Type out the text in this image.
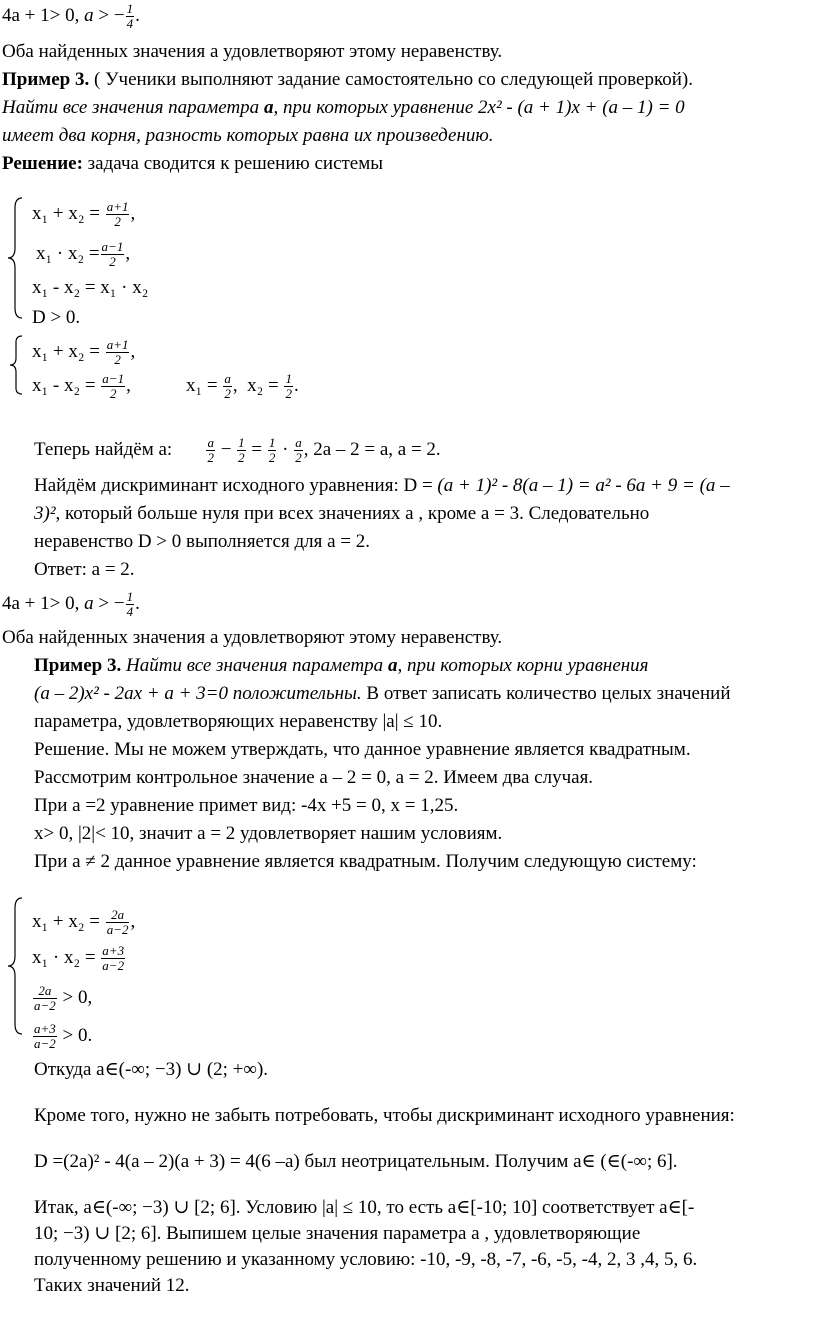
4a + 1> 0, a > − $\frac{1}{4}$ .
Оба найденных значения а удовлетворяют этому неравенству.
Пример 3. ( Ученики выполняют задание самостоятельно со следующей проверкой).
Найти все значения параметра а, при которых уравнение 2x² - (a + 1)x + (a – 1) = 0
имеет два корня, разность которых равна их произведению.
Решение: задача сводится к решению системы
$x_1 + x_2 = \frac{a+1}{2}$ ,
$x_1 \cdot x_2 = \frac{a-1}{2}$ ,
x₁ - x₂ = x₁ · x₂
D > 0.
$x_1 + x_2 = \frac{a+1}{2}$ ,
$x_1 - x_2 = \frac{a-1}{2}$ ,	$x_1 = \frac{a}{2}$ , $x_2 = \frac{1}{2}$ .
Теперь найдём a:	$\frac{a}{2} - \frac{1}{2} = \frac{1}{2} \cdot \frac{a}{2}$ , 2a – 2 = a, a = 2.
Найдём дискриминант исходного уравнения: D = (a + 1)² - 8(a – 1) = a² - 6a + 9 = (a –
3)², который больше нуля при всех значениях а , кроме а = 3. Следовательно
неравенство D > 0 выполняется для а = 2.
Ответ: а = 2.
4a + 1> 0, a > − $\frac{1}{4}$ .
Оба найденных значения а удовлетворяют этому неравенству.
Пример 3. Найти все значения параметра а, при которых корни уравнения
(a – 2)x² - 2ax + a + 3=0 положительны. В ответ записать количество целых значений
параметра, удовлетворяющих неравенству |a| ≤ 10.
Решение. Мы не можем утверждать, что данное уравнение является квадратным.
Рассмотрим контрольное значение а – 2 = 0, а = 2. Имеем два случая.
При а =2 уравнение примет вид: -4x +5 = 0, x = 1,25.
x> 0, |2|< 10, значит а = 2 удовлетворяет нашим условиям.
При а ≠ 2 данное уравнение является квадратным. Получим следующую систему:
$x_1 + x_2 = \frac{2a}{a-2}$ ,
$x_1 \cdot x_2 = \frac{a+3}{a-2}$
$\frac{2a}{a-2} > 0$,
$\frac{a+3}{a-2} > 0$.
Откуда а∈(-∞; −3) ∪ (2; +∞).
Кроме того, нужно не забыть потребовать, чтобы дискриминант исходного уравнения:
D =(2a)² - 4(a – 2)(a + 3) = 4(6 –a) был неотрицательным. Получим а∈ (∈(-∞; 6].
Итак, а∈(-∞; −3) ∪ [2; 6]. Условию |a| ≤ 10, то есть а∈[-10; 10] соответствует а∈[-
10; −3) ∪ [2; 6]. Выпишем целые значения параметра а , удовлетворяющие
полученному решению и указанному условию: -10, -9, -8, -7, -6, -5, -4, 2, 3 ,4, 5, 6.
Таких значений 12.
